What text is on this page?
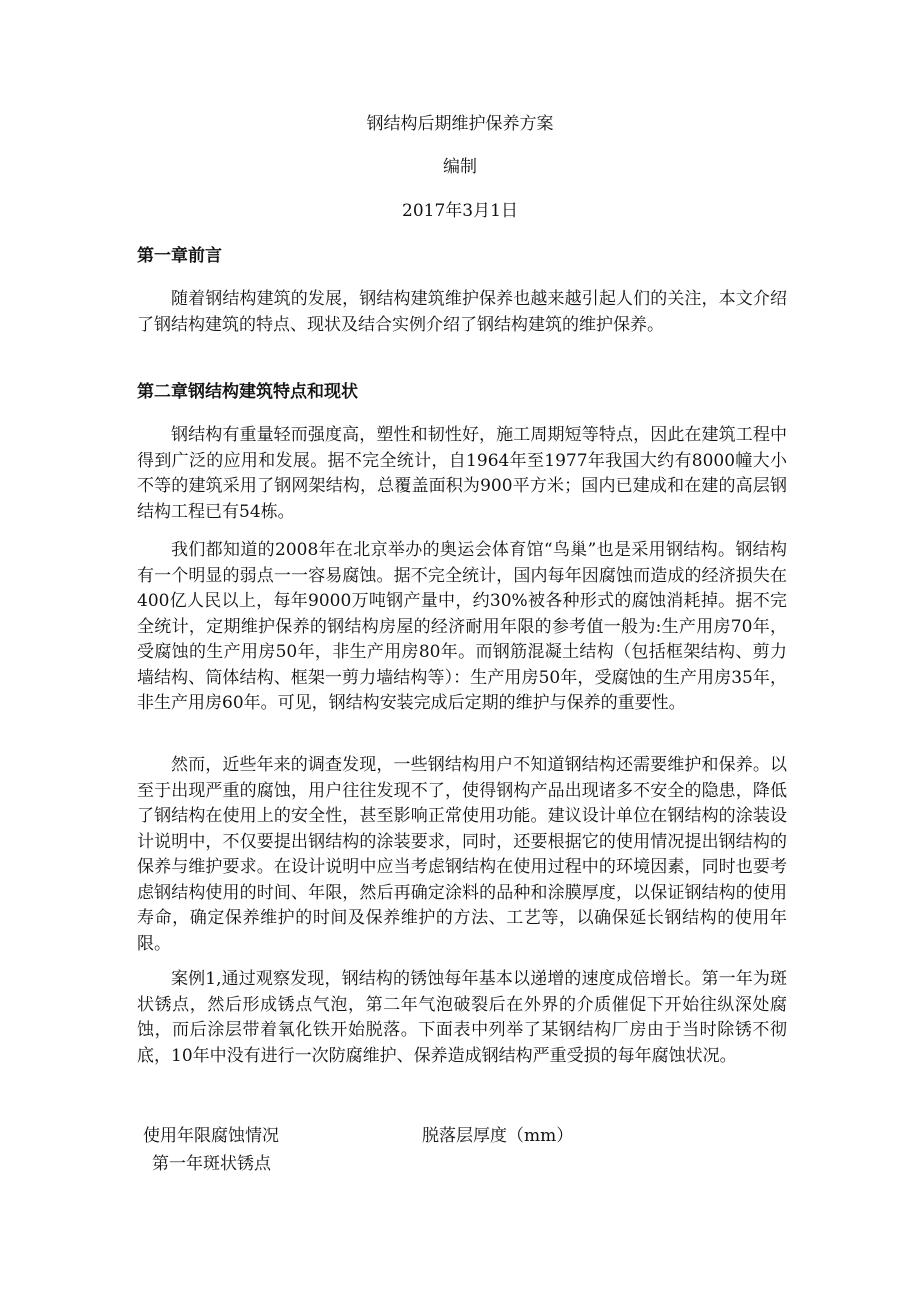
钢结构后期维护保养方案
编制
2017年3月1日
第一章前言

随着钢结构建筑的发展，钢结构建筑维护保养也越来越引起人们的关注，本文介绍了钢结构建筑的特点、现状及结合实例介绍了钢结构建筑的维护保养。

第二章钢结构建筑特点和现状

钢结构有重量轻而强度高，塑性和韧性好，施工周期短等特点，因此在建筑工程中得到广泛的应用和发展。据不完全统计，自1964年至1977年我国大约有8000幢大小不等的建筑采用了钢网架结构，总覆盖面积为900平方米；国内已建成和在建的高层钢结构工程已有54栋。

我们都知道的2008年在北京举办的奥运会体育馆“鸟巢”也是采用钢结构。钢结构有一个明显的弱点一一容易腐蚀。据不完全统计，国内每年因腐蚀而造成的经济损失在400亿人民以上，每年9000万吨钢产量中，约30%被各种形式的腐蚀消耗掉。据不完全统计，定期维护保养的钢结构房屋的经济耐用年限的参考值一般为:生产用房70年，受腐蚀的生产用房50年，非生产用房80年。而钢筋混凝土结构（包括框架结构、剪力墙结构、筒体结构、框架一剪力墙结构等）：生产用房50年，受腐蚀的生产用房35年，非生产用房60年。可见，钢结构安装完成后定期的维护与保养的重要性。

然而，近些年来的调查发现，一些钢结构用户不知道钢结构还需要维护和保养。以至于出现严重的腐蚀，用户往往发现不了，使得钢构产品出现诸多不安全的隐患，降低了钢结构在使用上的安全性，甚至影响正常使用功能。建议设计单位在钢结构的涂装设计说明中，不仅要提出钢结构的涂装要求，同时，还要根据它的使用情况提出钢结构的保养与维护要求。在设计说明中应当考虑钢结构在使用过程中的环境因素，同时也要考虑钢结构使用的时间、年限，然后再确定涂料的品种和涂膜厚度，以保证钢结构的使用寿命，确定保养维护的时间及保养维护的方法、工艺等，以确保延长钢结构的使用年限。

案例1,通过观察发现，钢结构的锈蚀每年基本以递增的速度成倍增长。第一年为斑状锈点，然后形成锈点气泡，第二年气泡破裂后在外界的介质催促下开始往纵深处腐蚀，而后涂层带着氧化铁开始脱落。下面表中列举了某钢结构厂房由于当时除锈不彻底，10年中没有进行一次防腐维护、保养造成钢结构严重受损的每年腐蚀状况。

使用年限腐蚀情况	脱落层厚度（mm）
第一年斑状锈点
